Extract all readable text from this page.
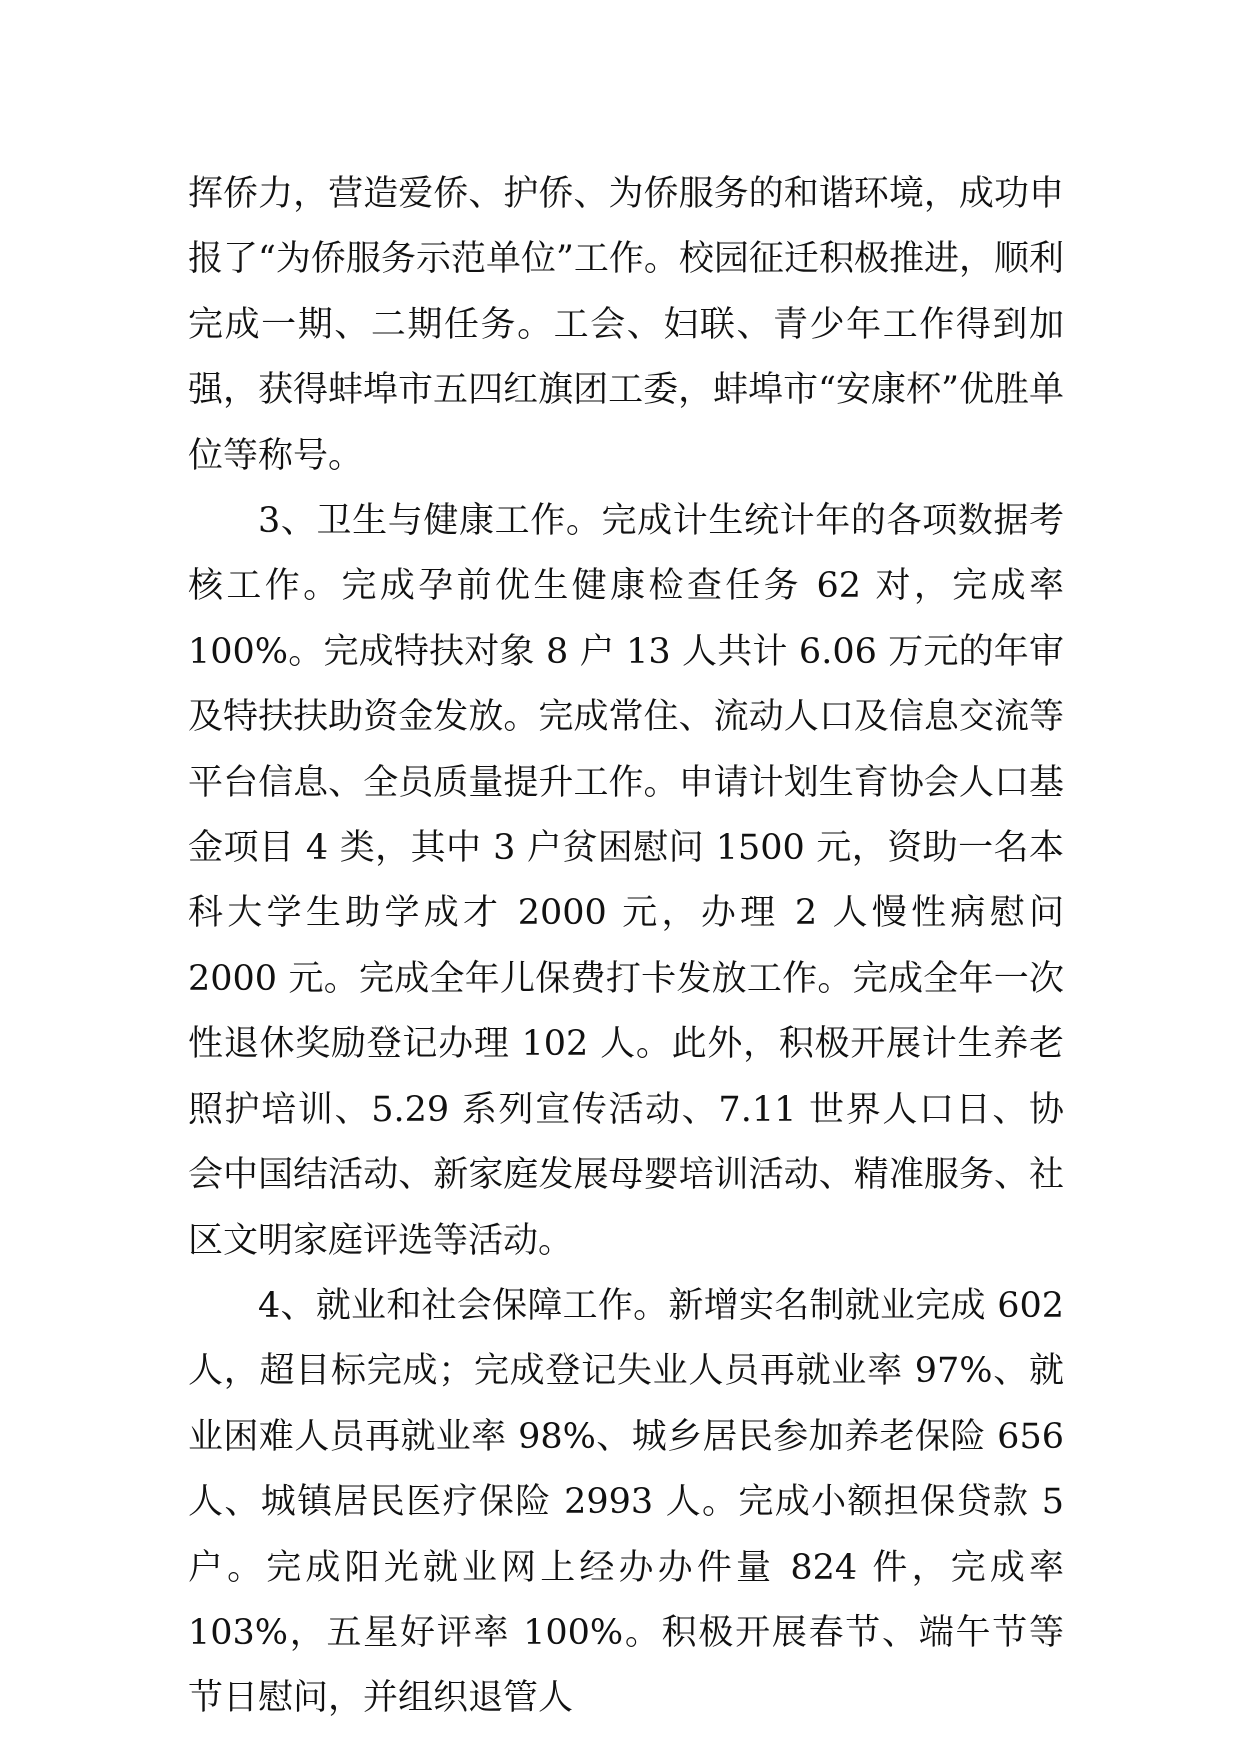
挥侨力，营造爱侨、护侨、为侨服务的和谐环境，成功申报了“为侨服务示范单位”工作。校园征迁积极推进，顺利完成一期、二期任务。工会、妇联、青少年工作得到加强，获得蚌埠市五四红旗团工委，蚌埠市“安康杯”优胜单位等称号。

3、卫生与健康工作。完成计生统计年的各项数据考核工作。完成孕前优生健康检查任务 62 对，完成率 100%。完成特扶对象 8 户 13 人共计 6.06 万元的年审及特扶扶助资金发放。完成常住、流动人口及信息交流等平台信息、全员质量提升工作。申请计划生育协会人口基金项目 4 类，其中 3 户贫困慰问 1500 元，资助一名本科大学生助学成才 2000 元，办理 2 人慢性病慰问 2000 元。完成全年儿保费打卡发放工作。完成全年一次性退休奖励登记办理 102 人。此外，积极开展计生养老照护培训、5.29 系列宣传活动、7.11 世界人口日、协会中国结活动、新家庭发展母婴培训活动、精准服务、社区文明家庭评选等活动。

4、就业和社会保障工作。新增实名制就业完成 602 人，超目标完成；完成登记失业人员再就业率 97%、就业困难人员再就业率 98%、城乡居民参加养老保险 656 人、城镇居民医疗保险 2993 人。完成小额担保贷款 5 户。完成阳光就业网上经办办件量 824 件，完成率 103%，五星好评率 100%。积极开展春节、端午节等节日慰问，并组织退管人
